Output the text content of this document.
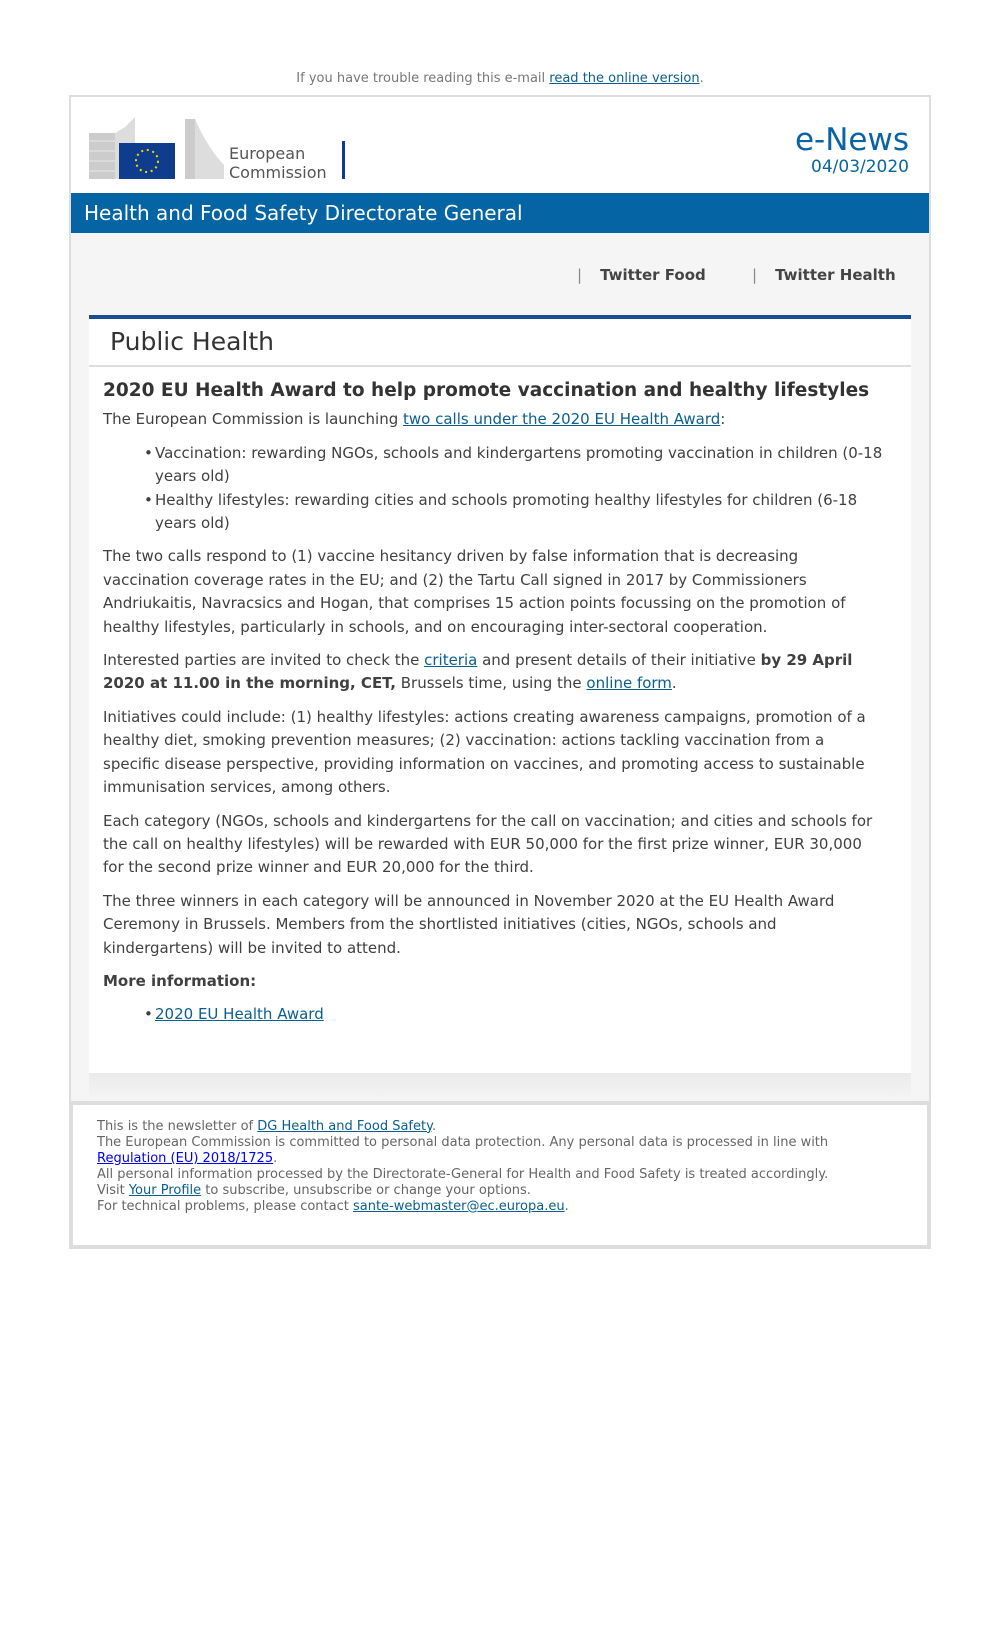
If you have trouble reading this e-mail read the online version.
European
Commission
e-News
04/03/2020
Health and Food Safety Directorate General
| Twitter Food	| Twitter Health
Public Health
2020 EU Health Award to help promote vaccination and healthy lifestyles

The European Commission is launching two calls under the 2020 EU Health Award:

• Vaccination: rewarding NGOs, schools and kindergartens promoting vaccination in children (0-18 years old)
• Healthy lifestyles: rewarding cities and schools promoting healthy lifestyles for children (6-18 years old)

The two calls respond to (1) vaccine hesitancy driven by false information that is decreasing vaccination coverage rates in the EU; and (2) the Tartu Call signed in 2017 by Commissioners Andriukaitis, Navracsics and Hogan, that comprises 15 action points focussing on the promotion of healthy lifestyles, particularly in schools, and on encouraging inter-sectoral cooperation.

Interested parties are invited to check the criteria and present details of their initiative by 29 April 2020 at 11.00 in the morning, CET, Brussels time, using the online form.

Initiatives could include: (1) healthy lifestyles: actions creating awareness campaigns, promotion of a healthy diet, smoking prevention measures; (2) vaccination: actions tackling vaccination from a specific disease perspective, providing information on vaccines, and promoting access to sustainable immunisation services, among others.

Each category (NGOs, schools and kindergartens for the call on vaccination; and cities and schools for the call on healthy lifestyles) will be rewarded with EUR 50,000 for the first prize winner, EUR 30,000 for the second prize winner and EUR 20,000 for the third.

The three winners in each category will be announced in November 2020 at the EU Health Award Ceremony in Brussels. Members from the shortlisted initiatives (cities, NGOs, schools and kindergartens) will be invited to attend.

More information:

• 2020 EU Health Award
This is the newsletter of DG Health and Food Safety.
The European Commission is committed to personal data protection. Any personal data is processed in line with
Regulation (EU) 2018/1725.
All personal information processed by the Directorate-General for Health and Food Safety is treated accordingly.
Visit Your Profile to subscribe, unsubscribe or change your options.
For technical problems, please contact sante-webmaster@ec.europa.eu.
